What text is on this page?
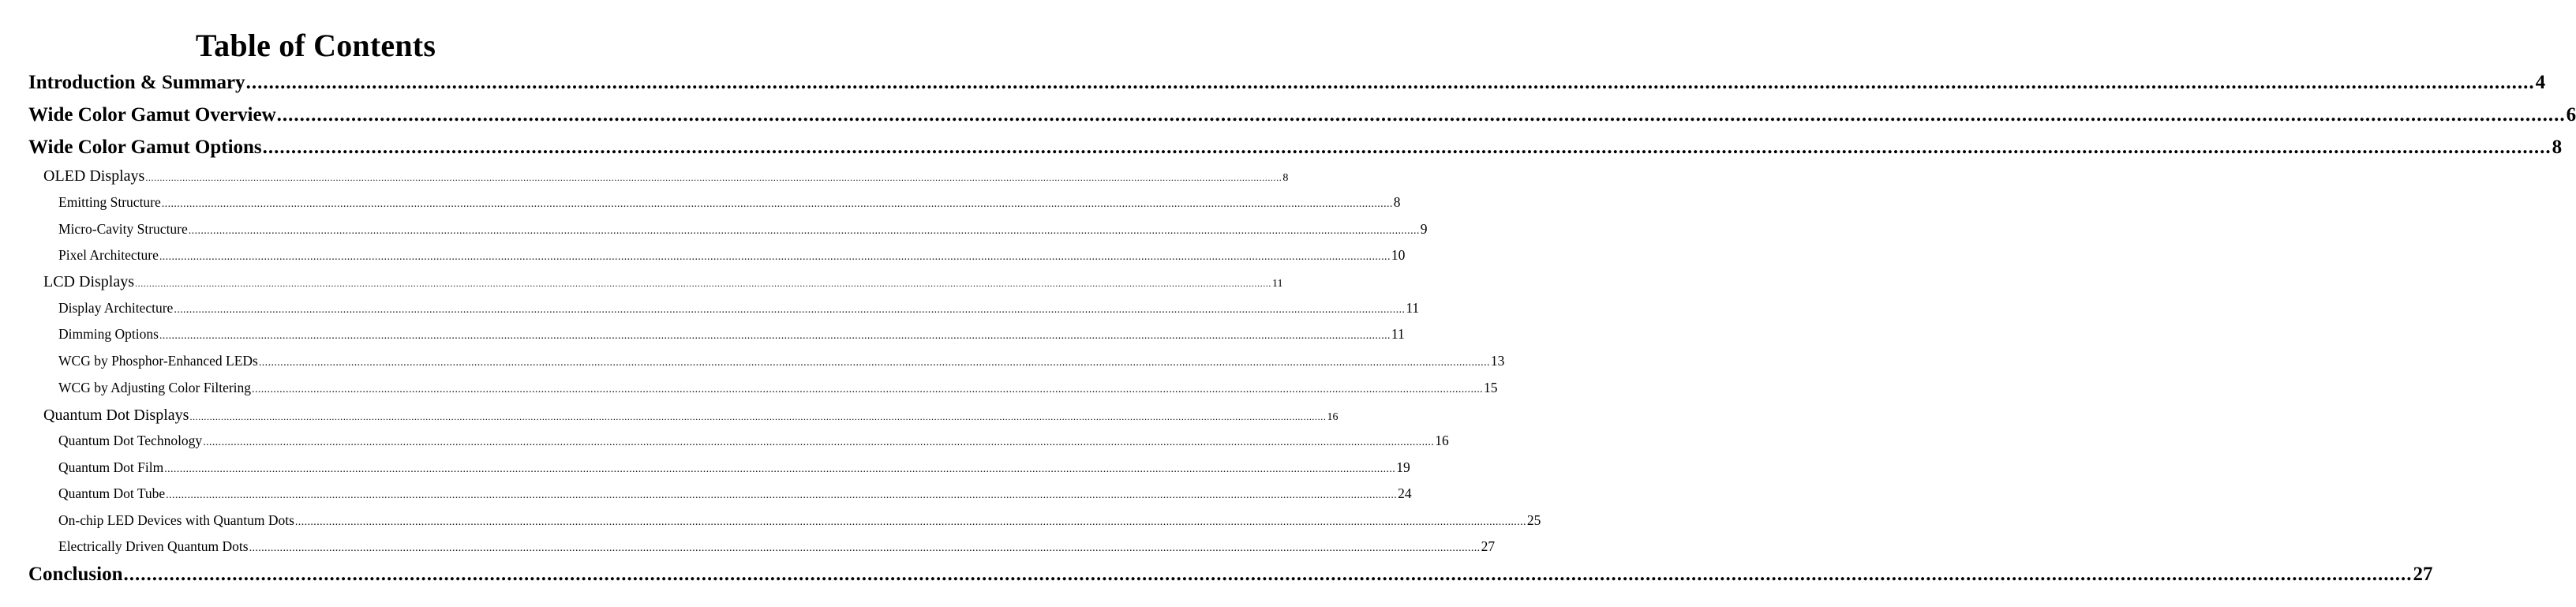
Table of Contents
Introduction & Summary ................................................................................................................................................................................................................................................................................................................................................................................................................ 4
Wide Color Gamut Overview ................................................................................................................................................................................................................................................................................................................................................................................................................ 6
Wide Color Gamut Options ................................................................................................................................................................................................................................................................................................................................................................................................................ 8
OLED Displays ................................................................................................................................................................................................................................................................................................................................................................................................................ 8
Emitting Structure ................................................................................................................................................................................................................................................................................................................................................................................................................ 8
Micro-Cavity Structure ................................................................................................................................................................................................................................................................................................................................................................................................................ 9
Pixel Architecture ................................................................................................................................................................................................................................................................................................................................................................................................................ 10
LCD Displays ................................................................................................................................................................................................................................................................................................................................................................................................................ 11
Display Architecture ................................................................................................................................................................................................................................................................................................................................................................................................................ 11
Dimming Options ................................................................................................................................................................................................................................................................................................................................................................................................................ 11
WCG by Phosphor-Enhanced LEDs ................................................................................................................................................................................................................................................................................................................................................................................................................ 13
WCG by Adjusting Color Filtering ................................................................................................................................................................................................................................................................................................................................................................................................................ 15
Quantum Dot Displays ................................................................................................................................................................................................................................................................................................................................................................................................................ 16
Quantum Dot Technology ................................................................................................................................................................................................................................................................................................................................................................................................................ 16
Quantum Dot Film ................................................................................................................................................................................................................................................................................................................................................................................................................ 19
Quantum Dot Tube ................................................................................................................................................................................................................................................................................................................................................................................................................ 24
On-chip LED Devices with Quantum Dots ................................................................................................................................................................................................................................................................................................................................................................................................................ 25
Electrically Driven Quantum Dots ................................................................................................................................................................................................................................................................................................................................................................................................................ 27
Conclusion ................................................................................................................................................................................................................................................................................................................................................................................................................ 27
